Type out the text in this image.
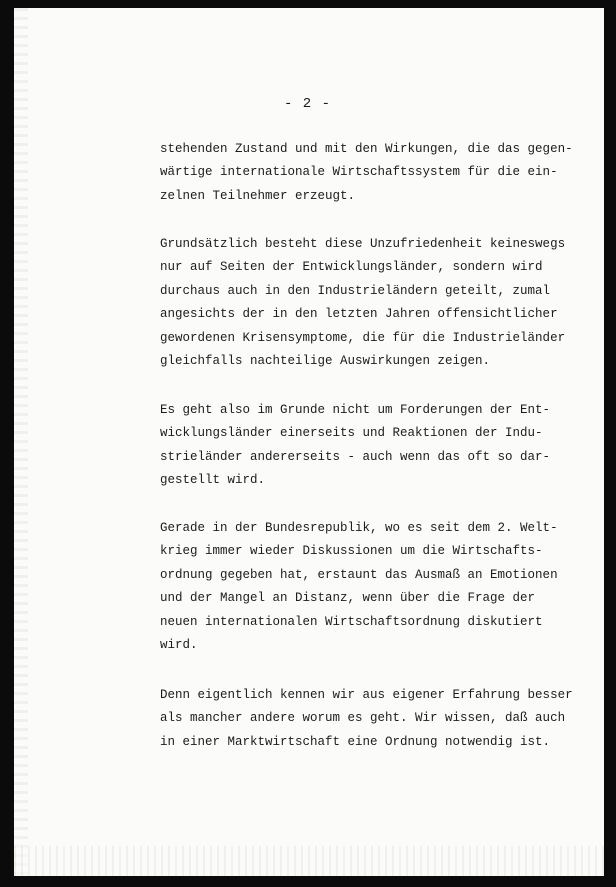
- 2 -

stehenden Zustand und mit den Wirkungen, die das gegen-
wärtige internationale Wirtschaftssystem für die ein-
zelnen Teilnehmer erzeugt.

Grundsätzlich besteht diese Unzufriedenheit keineswegs
nur auf Seiten der Entwicklungsländer, sondern wird
durchaus auch in den Industrieländern geteilt, zumal
angesichts der in den letzten Jahren offensichtlicher
gewordenen Krisensymptome, die für die Industrieländer
gleichfalls nachteilige Auswirkungen zeigen.

Es geht also im Grunde nicht um Forderungen der Ent-
wicklungsländer einerseits und Reaktionen der Indu-
strieländer andererseits - auch wenn das oft so dar-
gestellt wird.

Gerade in der Bundesrepublik, wo es seit dem 2. Welt-
krieg immer wieder Diskussionen um die Wirtschafts-
ordnung gegeben hat, erstaunt das Ausmaß an Emotionen
und der Mangel an Distanz, wenn über die Frage der
neuen internationalen Wirtschaftsordnung diskutiert
wird.

Denn eigentlich kennen wir aus eigener Erfahrung besser
als mancher andere worum es geht. Wir wissen, daß auch
in einer Marktwirtschaft eine Ordnung notwendig ist.
